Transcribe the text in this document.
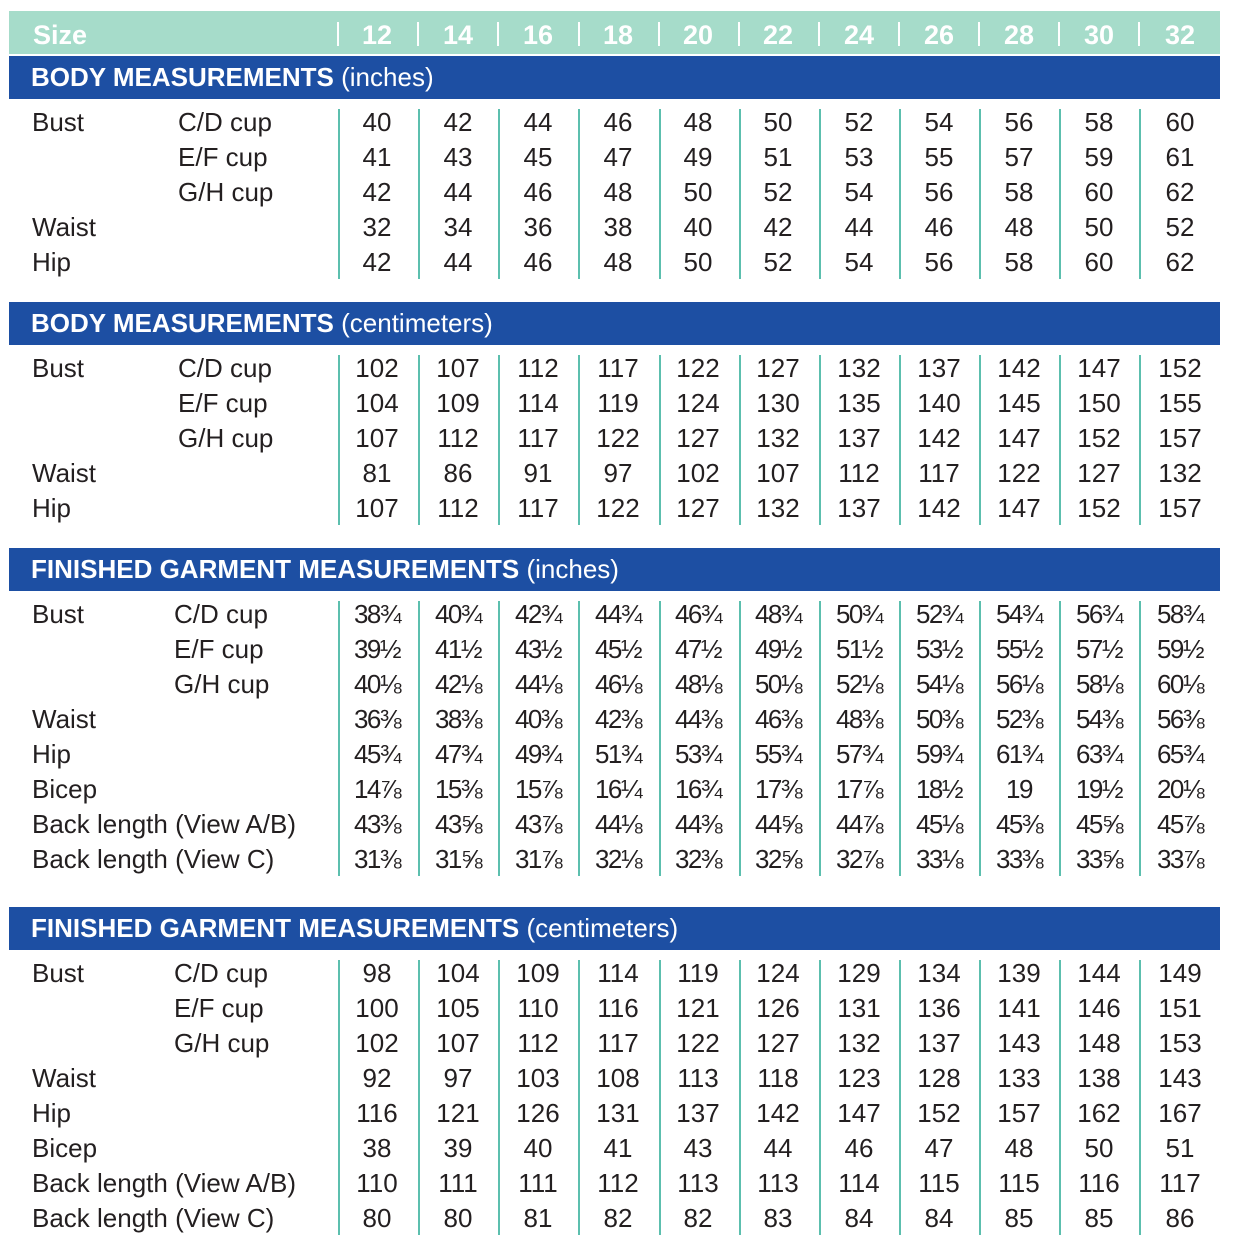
Size	12	14	16	18	20	22	24	26	28	30	32
BODY MEASUREMENTS (inches)
Bust	C/D cup	40	42	44	46	48	50	52	54	56	58	60
E/F cup	41	43	45	47	49	51	53	55	57	59	61
G/H cup	42	44	46	48	50	52	54	56	58	60	62
Waist	32	34	36	38	40	42	44	46	48	50	52
Hip	42	44	46	48	50	52	54	56	58	60	62
BODY MEASUREMENTS (centimeters)
Bust	C/D cup	102	107	112	117	122	127	132	137	142	147	152
E/F cup	104	109	114	119	124	130	135	140	145	150	155
G/H cup	107	112	117	122	127	132	137	142	147	152	157
Waist	81	86	91	97	102	107	112	117	122	127	132
Hip	107	112	117	122	127	132	137	142	147	152	157
FINISHED GARMENT MEASUREMENTS (inches)
Bust	C/D cup	38¾	40¾	42¾	44¾	46¾	48¾	50¾	52¾	54¾	56¾	58¾
E/F cup	39½	41½	43½	45½	47½	49½	51½	53½	55½	57½	59½
G/H cup	40⅛	42⅛	44⅛	46⅛	48⅛	50⅛	52⅛	54⅛	56⅛	58⅛	60⅛
Waist	36⅜	38⅜	40⅜	42⅜	44⅜	46⅜	48⅜	50⅜	52⅜	54⅜	56⅜
Hip	45¾	47¾	49¾	51¾	53¾	55¾	57¾	59¾	61¾	63¾	65¾
Bicep	14⅞	15⅜	15⅞	16¼	16¾	17⅜	17⅞	18½	19	19½	20⅛
Back length (View A/B)	43⅜	43⅝	43⅞	44⅛	44⅜	44⅝	44⅞	45⅛	45⅜	45⅝	45⅞
Back length (View C)	31⅜	31⅝	31⅞	32⅛	32⅜	32⅝	32⅞	33⅛	33⅜	33⅝	33⅞
FINISHED GARMENT MEASUREMENTS (centimeters)
Bust	C/D cup	98	104	109	114	119	124	129	134	139	144	149
E/F cup	100	105	110	116	121	126	131	136	141	146	151
G/H cup	102	107	112	117	122	127	132	137	143	148	153
Waist	92	97	103	108	113	118	123	128	133	138	143
Hip	116	121	126	131	137	142	147	152	157	162	167
Bicep	38	39	40	41	43	44	46	47	48	50	51
Back length (View A/B)	110	111	111	112	113	113	114	115	115	116	117
Back length (View C)	80	80	81	82	82	83	84	84	85	85	86
